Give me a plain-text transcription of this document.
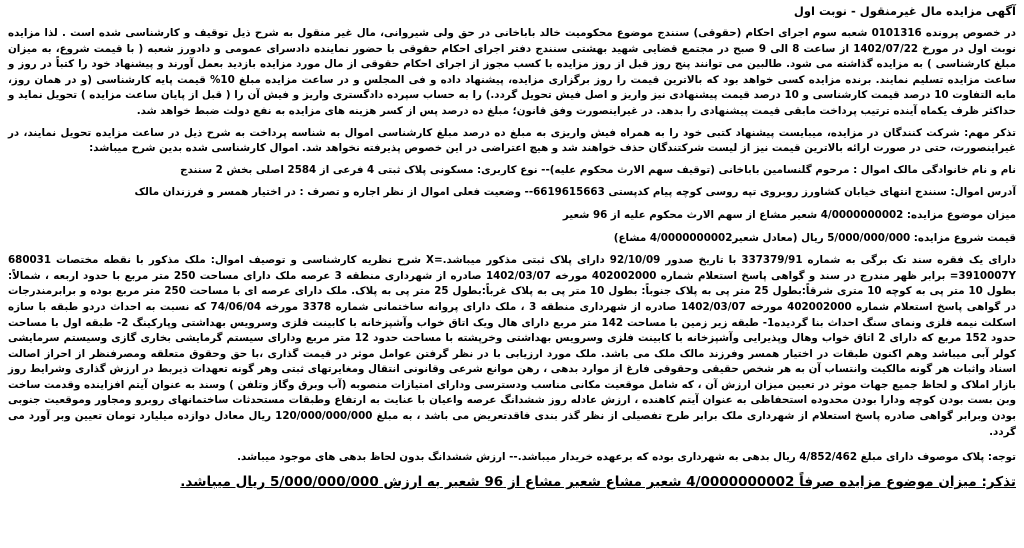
آگهی مزایده مال غیرمنقول - نوبت اول
در خصوص پرونده 0101316 شعبه سوم اجرای احکام (حقوقی) سنندج موضوع محکومیت خالد باباخانی در حق ولی شیروانی، مال غیر منقول به شرح ذیل توقیف و کارشناسی شده است . لذا مزایده نوبت اول در مورخ 1402/07/22 از ساعت 8 الی 9 صبح در مجتمع قضایی شهید بهشتی سنندج دفتر اجرای احکام حقوقی با حضور نماینده دادسرای عمومی و دادورز شعبه ( با قیمت شروع، به میزان مبلغ کارشناسی ) به مزایده گذاشته می شود. طالبین می توانند پنج روز قبل از روز مزایده با کسب مجوز از اجرای احکام حقوقی از مال مورد مزایده بازدید بعمل آورند و پیشنهاد خود را کتباً در روز و ساعت مزایده تسلیم نمایند. برنده مزایده کسی خواهد بود که بالاترین قیمت را روز برگزاری مزایده، پیشنهاد داده و فی المجلس و در ساعت مزایده مبلغ 10% قیمت پایه کارشناسی (و در همان روز، مابه التفاوت 10 درصد قیمت کارشناسی و 10 درصد قیمت پیشنهادی نیز واریز و اصل فیش تحویل گردد.) را به حساب سپرده دادگستری واریز و فیش آن را ( قبل از پایان ساعت مزایده ) تحویل نماید و حداکثر ظرف یکماه آینده ترتیب پرداخت مابقی قیمت پیشنهادی را بدهد. در غیراینصورت وفق قانون؛ مبلغ ده درصد پس از کسر هزینه های مزایده به نفع دولت ضبط خواهد شد.
تذکر مهم: شرکت کنندگان در مزایده، میبایست پیشنهاد کتبی خود را به همراه فیش واریزی به مبلغ ده درصد مبلغ کارشناسی اموال به شناسه پرداخت به شرح ذیل در ساعت مزایده تحویل نمایند، در غیراینصورت، حتی در صورت ارائه بالاترین قیمت نیز از لیست شرکتندگان حذف خواهند شد و هیچ اعتراضی در این خصوص پذیرفته نخواهد شد. اموال کارشناسی شده بدین شرح میباشد:
نام و نام خانوادگی مالک اموال : مرحوم گلنسامین باباخانی (توقیف سهم الارث محکوم علیه)-- نوع کاربری: مسکونی پلاک ثبتی 4 فرعی از 2584 اصلی بخش 2 سنندج
آدرس اموال: سنندج انتهای خیابان کشاورز روبروی تپه روسی کوچه پیام کدپستی 6619615663-- وضعیت فعلی اموال از نظر اجاره و تصرف : در اختیار همسر و فرزندان مالک
میزان موضوع مزایده: 4/0000000002 شعیر مشاع از سهم الارث محکوم علیه از 96 شعیر
قیمت شروع مزایده: 5/000/000/000 ریال (معادل شعیر4/0000000002 مشاع)
دارای یک فقره سند تک برگی به شماره 337379/91 با تاریخ صدور 92/10/09 دارای پلاک ثبتی مذکور میباشد.=X شرح نظریه کارشناسی و توصیف اموال: ملک مذکور با نقطه مختصات 680031 3910007Y= برابر ظهر مندرج در سند و گواهی پاسخ استعلام شماره 402002000 مورخه 1402/03/07 صادره از شهرداری منطقه 3 عرصه ملک دارای مساحت 250 متر مربع با حدود اربعه ، شمالاً: بطول 10 متر پی به کوچه 10 متری شرقاً:بطول 25 متر پی به پلاک جنوباً: بطول 10 متر پی به پلاک غرباً:بطول 25 متر پی به پلاک. ملک دارای عرصه ای با مساحت 250 متر مربع بوده و برابرمندرجات در گواهی پاسخ استعلام شماره 402002000 مورخه 1402/03/07 صادره از شهرداری منطقه 3 ، ملک دارای پروانه ساختمانی شماره 3378 مورخه 74/06/04 که نسبت به احداث دردو طبقه با سازه اسکلت نیمه فلزی ونمای سنگ احداث بنا گردیده1- طبقه زیر زمین با مساحت 142 متر مربع دارای هال ویک اتاق خواب وآشپزخانه با کابینت فلزی وسرویس بهداشتی وپارکینگ 2- طبقه اول با مساحت حدود 152 مربع که دارای 2 اتاق خواب وهال وپذیرایی وآشپزخانه با کابینت فلزی وسرویس بهداشتی وخرپشته با مساحت حدود 12 متر مربع ودارای سیستم گرمایشی بخاری گازی وسیستم سرمایشی کولر آبی میباشد وهم اکنون طبقات در اختیار همسر وفرزند مالک ملک می باشد. ملک مورد ارزیابی با در نظر گرفتن عوامل موثر در قیمت گذاری ،با حق وحقوق متعلقه ومصرفنظر از احراز اصالت اسناد واثبات هر گونه مالکیت وانتساب آن به هر شخص حقیقی وحقوقی فارغ از موارد بدهی ، رهن موانع شرعی وقانونی انتقال ومغایرتهای ثبتی وهر گونه تعهدات ذیربط در ارزش گذاری وشرایط روز بازار املاک و لحاظ جمیع جهات موثر در تعیین میزان ارزش آن ، که شامل موقعیت مکانی مناسب ودسترسی ودارای امتیازات منصوبه (آب وبرق وگاز وتلفن ) وسند به عنوان آیتم افزاینده وقدمت ساخت وبن بست بودن کوچه ودارا بودن محدوده استحفاظی به عنوان آیتم کاهنده ، ارزش عادله روز ششدانگ عرصه واعیان با عنایت به ارتفاع وطبقات مستحدثات ساختمانهای روبرو ومجاور وموقعیت جنوبی بودن وبرابر گواهی صادره پاسخ استعلام از شهرداری ملک برابر طرح تفصیلی از نظر گذر بندی فاقدتعریض می باشد ، به مبلغ 120/000/000/000 ریال معادل دوازده میلیارد تومان تعیین وبر آورد می گردد.
توجه: پلاک موصوف دارای مبلغ 4/852/462 ریال بدهی به شهرداری بوده که برعهده خریدار میباشد.-- ارزش ششدانگ بدون لحاظ بدهی های موجود میباشد.
تذکر: میزان موضوع مزایده صرفاً 4/0000000002 شعیر مشاع شعیر مشاع از 96 شعیر به ارزش 5/000/000/000 ریال میباشد.
